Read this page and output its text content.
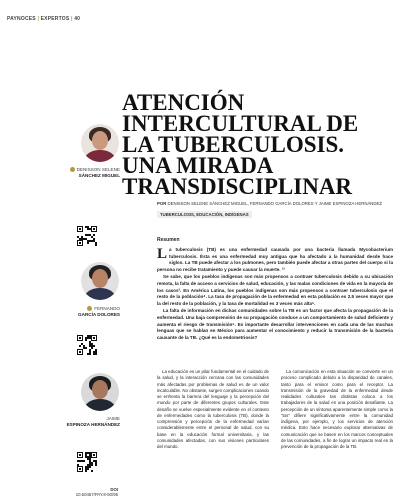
PAYNOCES | EXPERTOS | 40
ATENCIÓN
INTERCULTURAL DE
LA TUBERCULOSIS.
UNA MIRADA
TRANSDISCIPLINAR
POR DENISSON SELENE SÁNCHEZ MIGUEL, FERNANDO GARCÍA DOLORES Y JAIME ESPINOZA HERNÁNDEZ
TUBERCULOSIS, EDUCACIÓN, INDÍGENAS
Resumen

La tuberculosis (TB) es una enfermedad causada por una bacteria llamada Mycobacterium tuberculosis. Ésta es una enfermedad muy antigua que ha afectado a la humanidad desde hace siglos. La TB puede afectar a los pulmones, pero también puede afectar a otras partes del cuerpo si la persona no recibe tratamiento y puede causar la muerte. ¹²

Se sabe, que los pueblos indígenas son más propensos a contraer tuberculosis debido a su ubicación remota, la falta de acceso a servicios de salud, educación, y las malas condiciones de vida en la mayoría de los casos³. En América Latina, los pueblos indígenas son más propensos a contraer tuberculosis que el resto de la población⁴. La tasa de propagación de la enfermedad en esta población es 2.5 veces mayor que la del resto de la población, y la tasa de mortalidad es 3 veces más alta⁵.

La falta de información en dichas comunidades sobre la TB es un factor que afecta la propagación de la enfermedad. Una baja comprensión de su propagación conduce a un comportamiento de salud deficiente y aumenta el riesgo de transmisión⁶. Es importante desarrollar intervenciones en cada una de las muchas lenguas que se hablan en México para aumentar el conocimiento y reducir la transmisión de la bacteria causante de la TB. ¿Qué es la endometriosis?

La educación es un pilar fundamental en el cuidado de la salud, y la interacción cercana con las comunidades más afectadas por problemas de salud es de un valor incalculable. No obstante, surgen complicaciones cuando se enfrenta la barrera del lenguaje y la percepción del mundo por parte de diferentes grupos culturales. Este desafío se vuelve especialmente evidente en el contexto de enfermedades como la tuberculosis (TB), donde la comprensión y percepción de la enfermedad varían considerablemente entre el personal de salud, con su base en la educación formal universitaria, y las comunidades afectadas, con sus visiones particulares del mundo.

La comunicación en esta situación se convierte en un proceso complicado debido a la disparidad de canales, tanto para el emisor como para el receptor. La transmisión de la gravedad de la enfermedad desde realidades culturales tan distintas coloca a los trabajadores de la salud en una posición desafiante. La percepción de un síntoma aparentemente simple como la “tos” difiere significativamente entre la comunidad indígena, por ejemplo, y los servicios de atención médica. Esto hace necesario explorar alternativas de comunicación que se basen en los marcos conceptuales de las comunidades, a fin de lograr un impacto real en la prevención de la propagación de la TB.

DENISSON SELENE
SÁNCHEZ MIGUEL
FERNANDO
GARCÍA DOLORES
JAIME
ESPINOZA HERNÁNDEZ
DOI
10.60467/PAY.8-50/95
